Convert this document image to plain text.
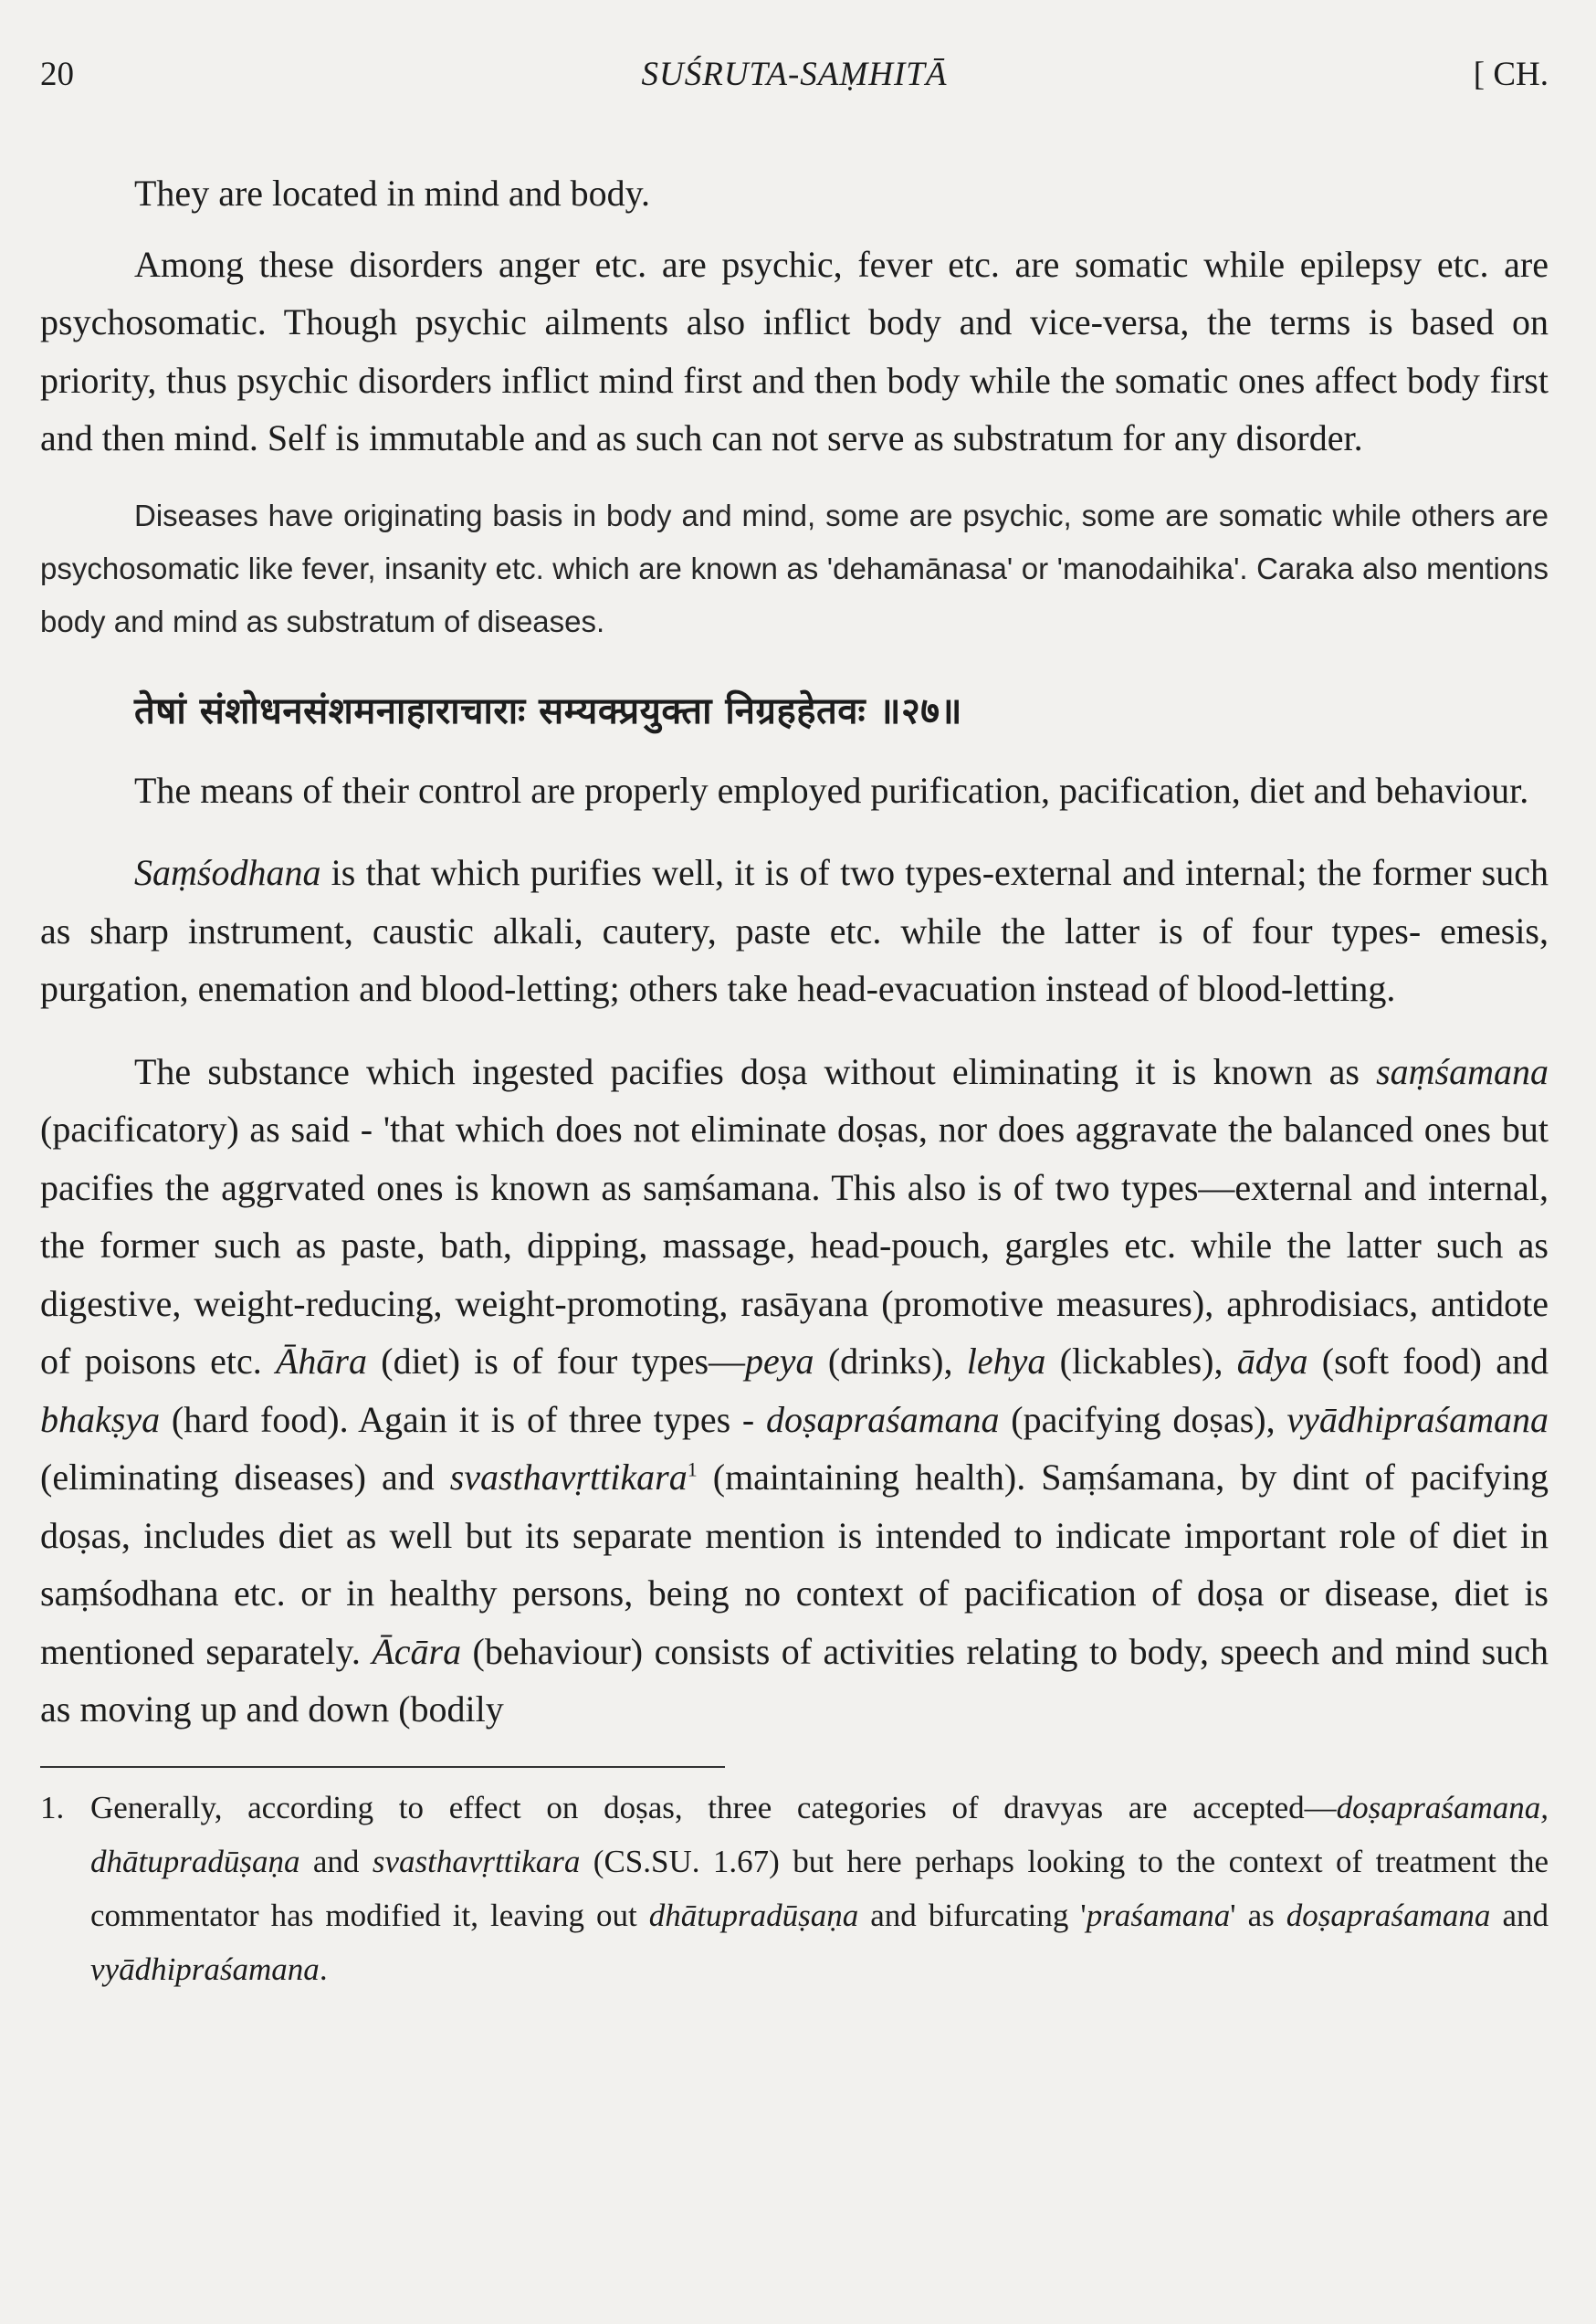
20	SUŚRUTA-SAṂHITĀ	[ CH.

They are located in mind and body.

Among these disorders anger etc. are psychic, fever etc. are somatic while epilepsy etc. are psychosomatic. Though psychic ailments also inflict body and vice-versa, the terms is based on priority, thus psychic disorders inflict mind first and then body while the somatic ones affect body first and then mind. Self is immutable and as such can not serve as substratum for any disorder.

Diseases have originating basis in body and mind, some are psychic, some are somatic while others are psychosomatic like fever, insanity etc. which are known as 'dehamānasa' or 'manodaihika'. Caraka also mentions body and mind as substratum of diseases.

तेषां संशोधनसंशमनाहाराचाराः सम्यक्प्रयुक्ता निग्रहहेतवः ॥२७॥

The means of their control are properly employed purification, pacification, diet and behaviour.

Saṃśodhana is that which purifies well, it is of two types-external and internal; the former such as sharp instrument, caustic alkali, cautery, paste etc. while the latter is of four types- emesis, purgation, enemation and blood-letting; others take head-evacuation instead of blood-letting.

The substance which ingested pacifies doṣa without eliminating it is known as saṃśamana (pacificatory) as said - 'that which does not eliminate doṣas, nor does aggravate the balanced ones but pacifies the aggrvated ones is known as saṃśamana. This also is of two types—external and internal, the former such as paste, bath, dipping, massage, head-pouch, gargles etc. while the latter such as digestive, weight-reducing, weight-promoting, rasāyana (promotive measures), aphrodisiacs, antidote of poisons etc. Āhāra (diet) is of four types—peya (drinks), lehya (lickables), ādya (soft food) and bhakṣya (hard food). Again it is of three types - doṣapraśamana (pacifying doṣas), vyādhipraśamana (eliminating diseases) and svasthavṛttikara$^1$ (maintaining health). Saṃśamana, by dint of pacifying doṣas, includes diet as well but its separate mention is intended to indicate important role of diet in saṃśodhana etc. or in healthy persons, being no context of pacification of doṣa or disease, diet is mentioned separately. Ācāra (behaviour) consists of activities relating to body, speech and mind such as moving up and down (bodily

1. Generally, according to effect on doṣas, three categories of dravyas are accepted—doṣapraśamana, dhātupradūṣaṇa and svasthavṛttikara (CS.SU. 1.67) but here perhaps looking to the context of treatment the commentator has modified it, leaving out dhātupradūṣaṇa and bifurcating 'praśamana' as doṣapraśamana and vyādhipraśamana.
